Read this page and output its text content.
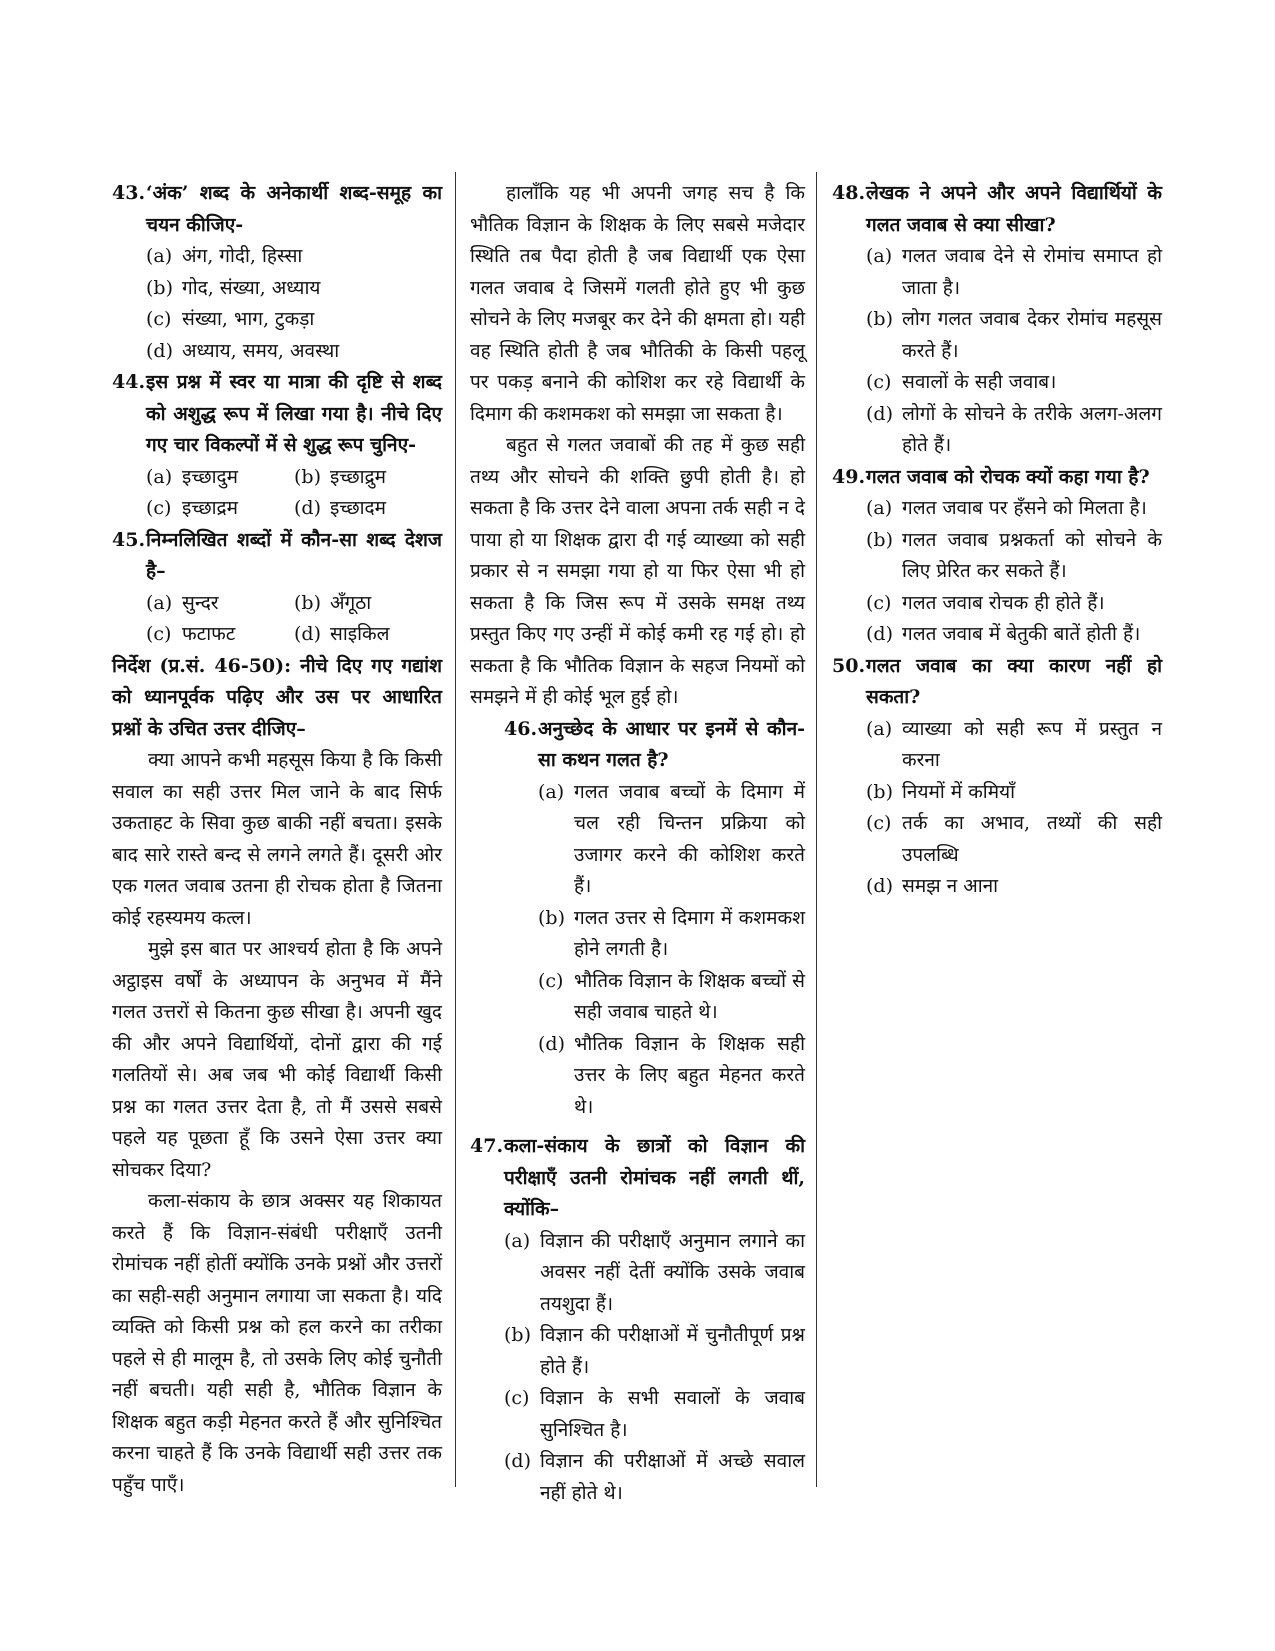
43. ‘अंक’ शब्द के अनेकार्थी शब्द-समूह का चयन कीजिए-
(a) अंग, गोदी, हिस्सा
(b) गोद, संख्या, अध्याय
(c) संख्या, भाग, टुकड़ा
(d) अध्याय, समय, अवस्था
44. इस प्रश्न में स्वर या मात्रा की दृष्टि से शब्द को अशुद्ध रूप में लिखा गया है। नीचे दिए गए चार विकल्पों में से शुद्ध रूप चुनिए-
(a) इच्छादुम	(b) इच्छाद्रुम
(c) इच्छाद्रम	(d) इच्छादम
45. निम्नलिखित शब्दों में कौन-सा शब्द देशज है–
(a) सुन्दर	(b) अँगूठा
(c) फटाफट	(d) साइकिल
निर्देश (प्र.सं. 46-50): नीचे दिए गए गद्यांश को ध्यानपूर्वक पढ़िए और उस पर आधारित प्रश्नों के उचित उत्तर दीजिए–

क्या आपने कभी महसूस किया है कि किसी सवाल का सही उत्तर मिल जाने के बाद सिर्फ उकताहट के सिवा कुछ बाकी नहीं बचता। इसके बाद सारे रास्ते बन्द से लगने लगते हैं। दूसरी ओर एक गलत जवाब उतना ही रोचक होता है जितना कोई रहस्यमय कत्ल।

मुझे इस बात पर आश्चर्य होता है कि अपने अट्ठाइस वर्षों के अध्यापन के अनुभव में मैंने गलत उत्तरों से कितना कुछ सीखा है। अपनी खुद की और अपने विद्यार्थियों, दोनों द्वारा की गई गलतियों से। अब जब भी कोई विद्यार्थी किसी प्रश्न का गलत उत्तर देता है, तो मैं उससे सबसे पहले यह पूछता हूँ कि उसने ऐसा उत्तर क्या सोचकर दिया?

कला-संकाय के छात्र अक्सर यह शिकायत करते हैं कि विज्ञान-संबंधी परीक्षाएँ उतनी रोमांचक नहीं होतीं क्योंकि उनके प्रश्नों और उत्तरों का सही-सही अनुमान लगाया जा सकता है। यदि व्यक्ति को किसी प्रश्न को हल करने का तरीका पहले से ही मालूम है, तो उसके लिए कोई चुनौती नहीं बचती। यही सही है, भौतिक विज्ञान के शिक्षक बहुत कड़ी मेहनत करते हैं और सुनिश्चित करना चाहते हैं कि उनके विद्यार्थी सही उत्तर तक पहुँच पाएँ।

हालाँकि यह भी अपनी जगह सच है कि भौतिक विज्ञान के शिक्षक के लिए सबसे मजेदार स्थिति तब पैदा होती है जब विद्यार्थी एक ऐसा गलत जवाब दे जिसमें गलती होते हुए भी कुछ सोचने के लिए मजबूर कर देने की क्षमता हो। यही वह स्थिति होती है जब भौतिकी के किसी पहलू पर पकड़ बनाने की कोशिश कर रहे विद्यार्थी के दिमाग की कशमकश को समझा जा सकता है।

बहुत से गलत जवाबों की तह में कुछ सही तथ्य और सोचने की शक्ति छुपी होती है। हो सकता है कि उत्तर देने वाला अपना तर्क सही न दे पाया हो या शिक्षक द्वारा दी गई व्याख्या को सही प्रकार से न समझा गया हो या फिर ऐसा भी हो सकता है कि जिस रूप में उसके समक्ष तथ्य प्रस्तुत किए गए उन्हीं में कोई कमी रह गई हो। हो सकता है कि भौतिक विज्ञान के सहज नियमों को समझने में ही कोई भूल हुई हो।

46. अनुच्छेद के आधार पर इनमें से कौन-सा कथन गलत है?
(a) गलत जवाब बच्चों के दिमाग में चल रही चिन्तन प्रक्रिया को उजागर करने की कोशिश करते हैं।
(b) गलत उत्तर से दिमाग में कशमकश होने लगती है।
(c) भौतिक विज्ञान के शिक्षक बच्चों से सही जवाब चाहते थे।
(d) भौतिक विज्ञान के शिक्षक सही उत्तर के लिए बहुत मेहनत करते थे।
47. कला-संकाय के छात्रों को विज्ञान की परीक्षाएँ उतनी रोमांचक नहीं लगती थीं, क्योंकि–
(a) विज्ञान की परीक्षाएँ अनुमान लगाने का अवसर नहीं देतीं क्योंकि उसके जवाब तयशुदा हैं।
(b) विज्ञान की परीक्षाओं में चुनौतीपूर्ण प्रश्न होते हैं।
(c) विज्ञान के सभी सवालों के जवाब सुनिश्चित है।
(d) विज्ञान की परीक्षाओं में अच्छे सवाल नहीं होते थे।
48. लेखक ने अपने और अपने विद्यार्थियों के गलत जवाब से क्या सीखा?
(a) गलत जवाब देने से रोमांच समाप्त हो जाता है।
(b) लोग गलत जवाब देकर रोमांच महसूस करते हैं।
(c) सवालों के सही जवाब।
(d) लोगों के सोचने के तरीके अलग-अलग होते हैं।
49. गलत जवाब को रोचक क्यों कहा गया है?
(a) गलत जवाब पर हँसने को मिलता है।
(b) गलत जवाब प्रश्नकर्ता को सोचने के लिए प्रेरित कर सकते हैं।
(c) गलत जवाब रोचक ही होते हैं।
(d) गलत जवाब में बेतुकी बातें होती हैं।
50. गलत जवाब का क्या कारण नहीं हो सकता?
(a) व्याख्या को सही रूप में प्रस्तुत न करना
(b) नियमों में कमियाँ
(c) तर्क का अभाव, तथ्यों की सही उपलब्धि
(d) समझ न आना
